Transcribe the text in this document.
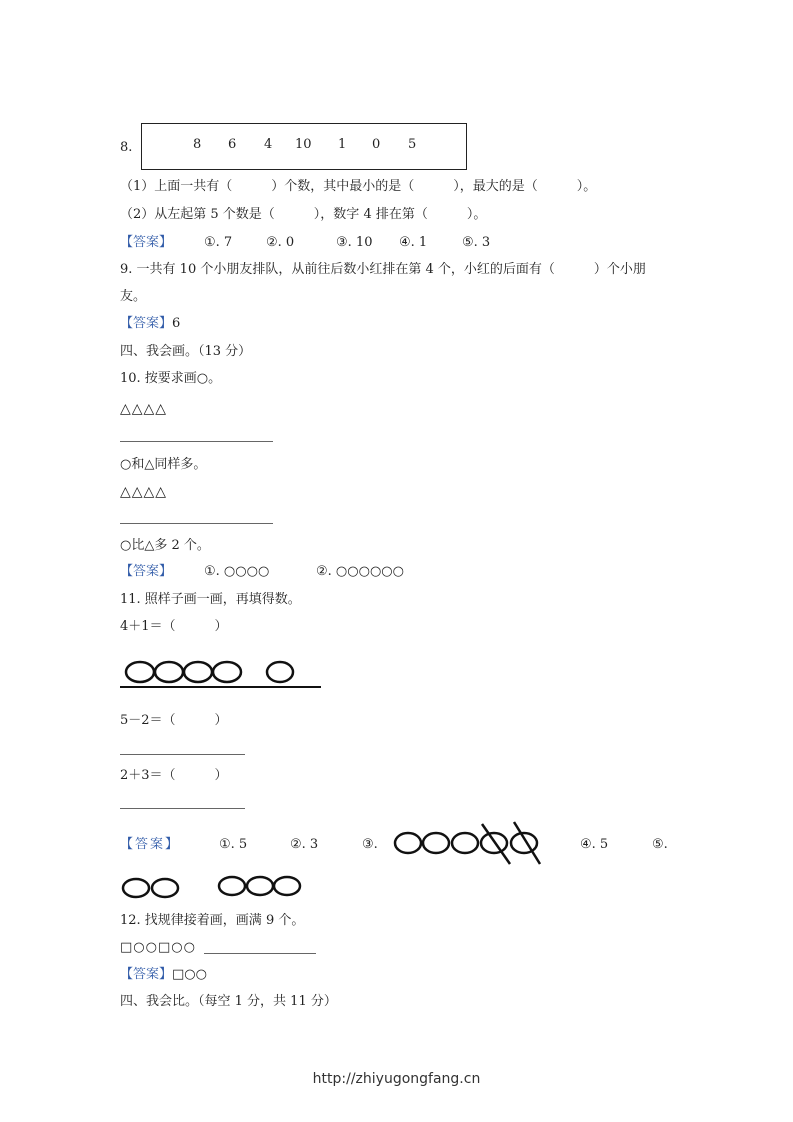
8.	8 6 4 10 1 0 5
（1）上面一共有（　　　）个数，其中最小的是（　　　），最大的是（　　　）。
（2）从左起第 5 个数是（　　　），数字 4 排在第（　　　）。
【答案】 ①. 7	②. 0	③. 10 ④. 1	⑤. 3
9. 一共有 10 个小朋友排队，从前往后数小红排在第 4 个，小红的后面有（　　　）个小朋
友。
【答案】6
四、我会画。（13 分）
10. 按要求画○。
△△△△
○和△同样多。
△△△△
○比△多 2 个。
【答案】 ①. ○○○○	②. ○○○○○○
11. 照样子画一画，再填得数。
4＋1＝（　　　）
5－2＝（　　　）
2＋3＝（　　　）
【答案】	①. 5	②. 3	③.	④. 5	⑤.
12. 找规律接着画，画满 9 个。
□○○□○○
【答案】□○○
四、我会比。（每空 1 分，共 11 分）
http://zhiyugongfang.cn
